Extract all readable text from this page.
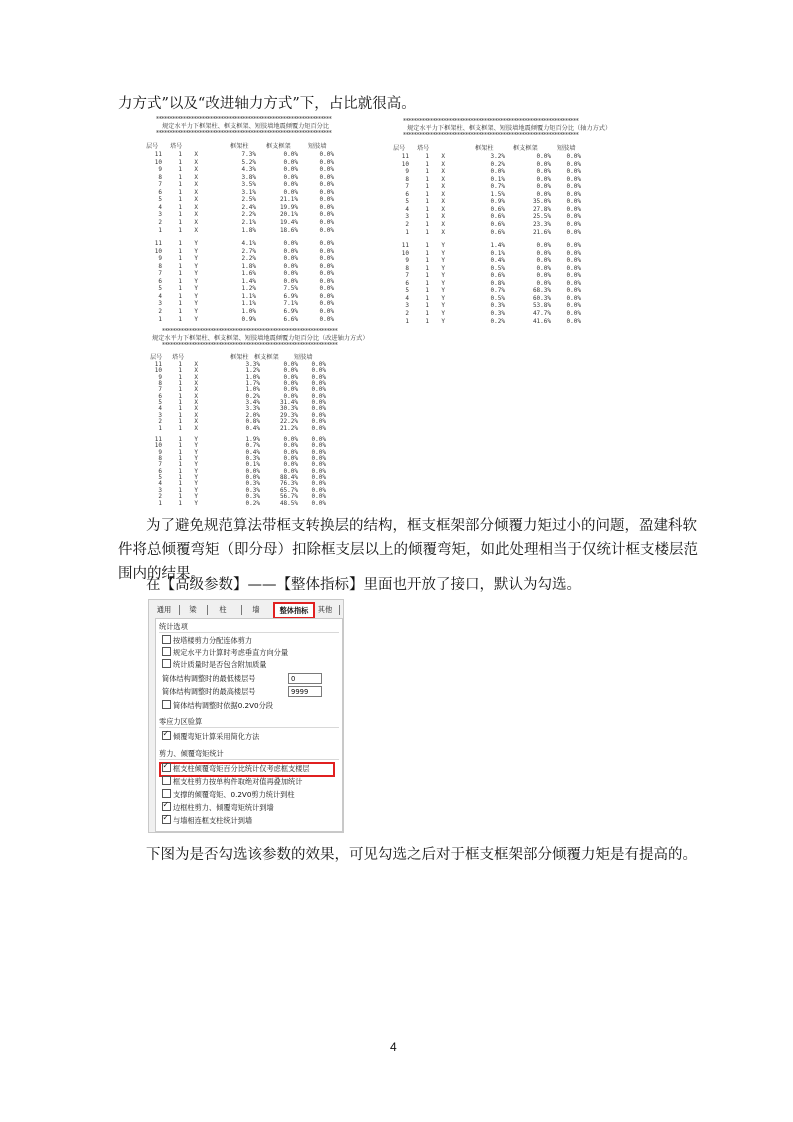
力方式”以及“改进轴力方式”下，占比就很高。

*****************************************************************
规定水平力下框架柱、框支框架、短肢墙地震倾覆力矩百分比
*****************************************************************
层号 塔号	框架柱	框支框架	短肢墙
11	1	X	7.3%	0.0%	0.0%
10	1	X	5.2%	0.0%	0.0%
9	1	X	4.3%	0.0%	0.0%
8	1	X	3.8%	0.0%	0.0%
7	1	X	3.5%	0.0%	0.0%
6	1	X	3.1%	0.0%	0.0%
5	1	X	2.5%	21.1%	0.0%
4	1	X	2.4%	19.9%	0.0%
3	1	X	2.2%	20.1%	0.0%
2	1	X	2.1%	19.4%	0.0%
1	1	X	1.8%	18.6%	0.0%
11	1	Y	4.1%	0.0%	0.0%
10	1	Y	2.7%	0.0%	0.0%
9	1	Y	2.2%	0.0%	0.0%
8	1	Y	1.8%	0.0%	0.0%
7	1	Y	1.6%	0.0%	0.0%
6	1	Y	1.4%	0.0%	0.0%
5	1	Y	1.2%	7.5%	0.0%
4	1	Y	1.1%	6.9%	0.0%
3	1	Y	1.1%	7.1%	0.0%
2	1	Y	1.0%	6.9%	0.0%
1	1	Y	0.9%	6.6%	0.0%
*****************************************************************
规定水平力下框架柱、框支框架、短肢墙地震倾覆力矩百分比（轴力方式）
*****************************************************************
层号 塔号	框架柱	框支框架	短肢墙
11	1	X	3.2%	0.0%	0.0%
10	1	X	0.2%	0.0%	0.0%
9	1	X	0.0%	0.0%	0.0%
8	1	X	0.1%	0.0%	0.0%
7	1	X	0.7%	0.0%	0.0%
6	1	X	1.5%	0.0%	0.0%
5	1	X	0.9%	35.0%	0.0%
4	1	X	0.6%	27.8%	0.0%
3	1	X	0.6%	25.5%	0.0%
2	1	X	0.6%	23.3%	0.0%
1	1	X	0.6%	21.6%	0.0%
11	1	Y	1.4%	0.0%	0.0%
10	1	Y	0.1%	0.0%	0.0%
9	1	Y	0.4%	0.0%	0.0%
8	1	Y	0.5%	0.0%	0.0%
7	1	Y	0.6%	0.0%	0.0%
6	1	Y	0.8%	0.0%	0.0%
5	1	Y	0.7%	68.3%	0.0%
4	1	Y	0.5%	60.3%	0.0%
3	1	Y	0.3%	53.8%	0.0%
2	1	Y	0.3%	47.7%	0.0%
1	1	Y	0.2%	41.6%	0.0%
*****************************************************************
规定水平力下框架柱、框支框架、短肢墙地震倾覆力矩百分比（改进轴力方式）
*****************************************************************
层号 塔号	框架柱 框支框架 短肢墙
11	1	X	3.3%	0.0%	0.0%
10	1	X	1.2%	0.0%	0.0%
9	1	X	1.0%	0.0%	0.0%
8	1	X	1.7%	0.0%	0.0%
7	1	X	1.0%	0.0%	0.0%
6	1	X	0.2%	0.0%	0.0%
5	1	X	3.4%	31.4%	0.0%
4	1	X	3.3%	30.3%	0.0%
3	1	X	2.0%	29.3%	0.0%
2	1	X	0.8%	22.2%	0.0%
1	1	X	0.4%	21.2%	0.0%
11	1	Y	1.9%	0.0%	0.0%
10	1	Y	0.7%	0.0%	0.0%
9	1	Y	0.4%	0.0%	0.0%
8	1	Y	0.3%	0.0%	0.0%
7	1	Y	0.1%	0.0%	0.0%
6	1	Y	0.0%	0.0%	0.0%
5	1	Y	0.0%	88.4%	0.0%
4	1	Y	0.3%	76.3%	0.0%
3	1	Y	0.3%	65.7%	0.0%
2	1	Y	0.3%	56.7%	0.0%
1	1	Y	0.2%	48.5%	0.0%

为了避免规范算法带框支转换层的结构，框支框架部分倾覆力矩过小的问题，盈建科软

件将总倾覆弯矩（即分母）扣除框支层以上的倾覆弯矩，如此处理相当于仅统计框支楼层范

围内的结果。

在【高级参数】——【整体指标】里面也开放了接口，默认为勾选。

通用	梁	柱	墙	整体指标	其他
统计选项
按塔楼剪力分配连体剪力
规定水平力计算时考虑垂直方向分量
统计质量时是否包含附加质量
简体结构调整时的最低楼层号	0
简体结构调整时的最高楼层号	9999
简体结构调整时依据0.2V0分段
零应力区验算
✓倾覆弯矩计算采用简化方法
剪力、倾覆弯矩统计
✓框支柱倾覆弯矩百分比统计仅考虑框支楼层
框支柱剪力按单构件取绝对值再叠加统计
支撑的倾覆弯矩、0.2V0剪力统计到柱
✓边框柱剪力、倾覆弯矩统计到墙
✓与墙相连框支柱统计到墙

下图为是否勾选该参数的效果，可见勾选之后对于框支框架部分倾覆力矩是有提高的。

4
